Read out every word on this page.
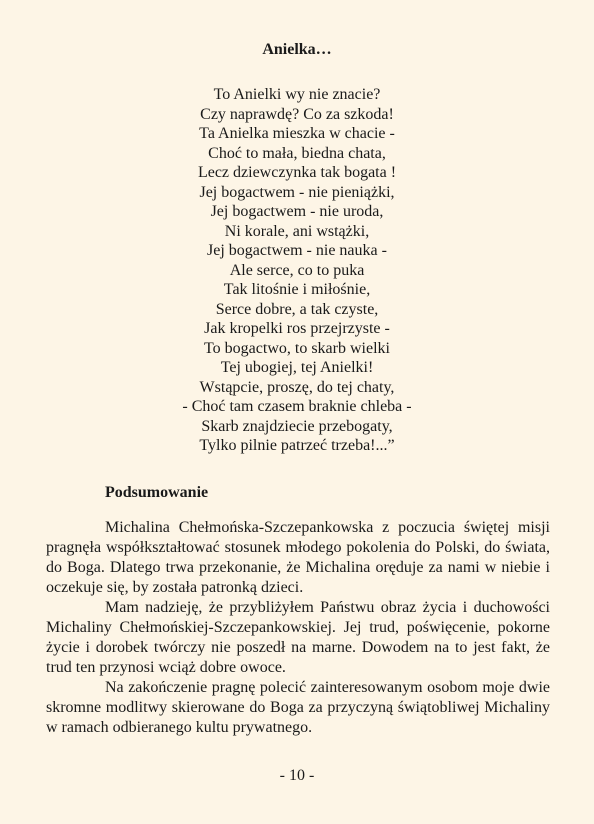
Anielka…
To Anielki wy nie znacie?
Czy naprawdę? Co za szkoda!
Ta Anielka mieszka w chacie -
Choć to mała, biedna chata,
Lecz dziewczynka tak bogata !
Jej bogactwem - nie pieniążki,
Jej bogactwem - nie uroda,
Ni korale, ani wstążki,
Jej bogactwem - nie nauka -
Ale serce, co to puka
Tak litośnie i miłośnie,
Serce dobre, a tak czyste,
Jak kropelki ros przejrzyste -
To bogactwo, to skarb wielki
Tej ubogiej, tej Anielki!
Wstąpcie, proszę, do tej chaty,
- Choć tam czasem braknie chleba -
Skarb znajdziecie przebogaty,
Tylko pilnie patrzeć trzeba!...”
Podsumowanie

Michalina Chełmońska-Szczepankowska z poczucia świętej misji pragnęła współkształtować stosunek młodego pokolenia do Polski, do świata, do Boga. Dlatego trwa przekonanie, że Michalina oręduje za nami w niebie i oczekuje się, by została patronką dzieci.

Mam nadzieję, że przybliżyłem Państwu obraz życia i duchowości Michaliny Chełmońskiej-Szczepankowskiej. Jej trud, poświęcenie, pokorne życie i dorobek twórczy nie poszedł na marne. Dowodem na to jest fakt, że trud ten przynosi wciąż dobre owoce.

Na zakończenie pragnę polecić zainteresowanym osobom moje dwie skromne modlitwy skierowane do Boga za przyczyną świątobliwej Michaliny w ramach odbieranego kultu prywatnego.

- 10 -
